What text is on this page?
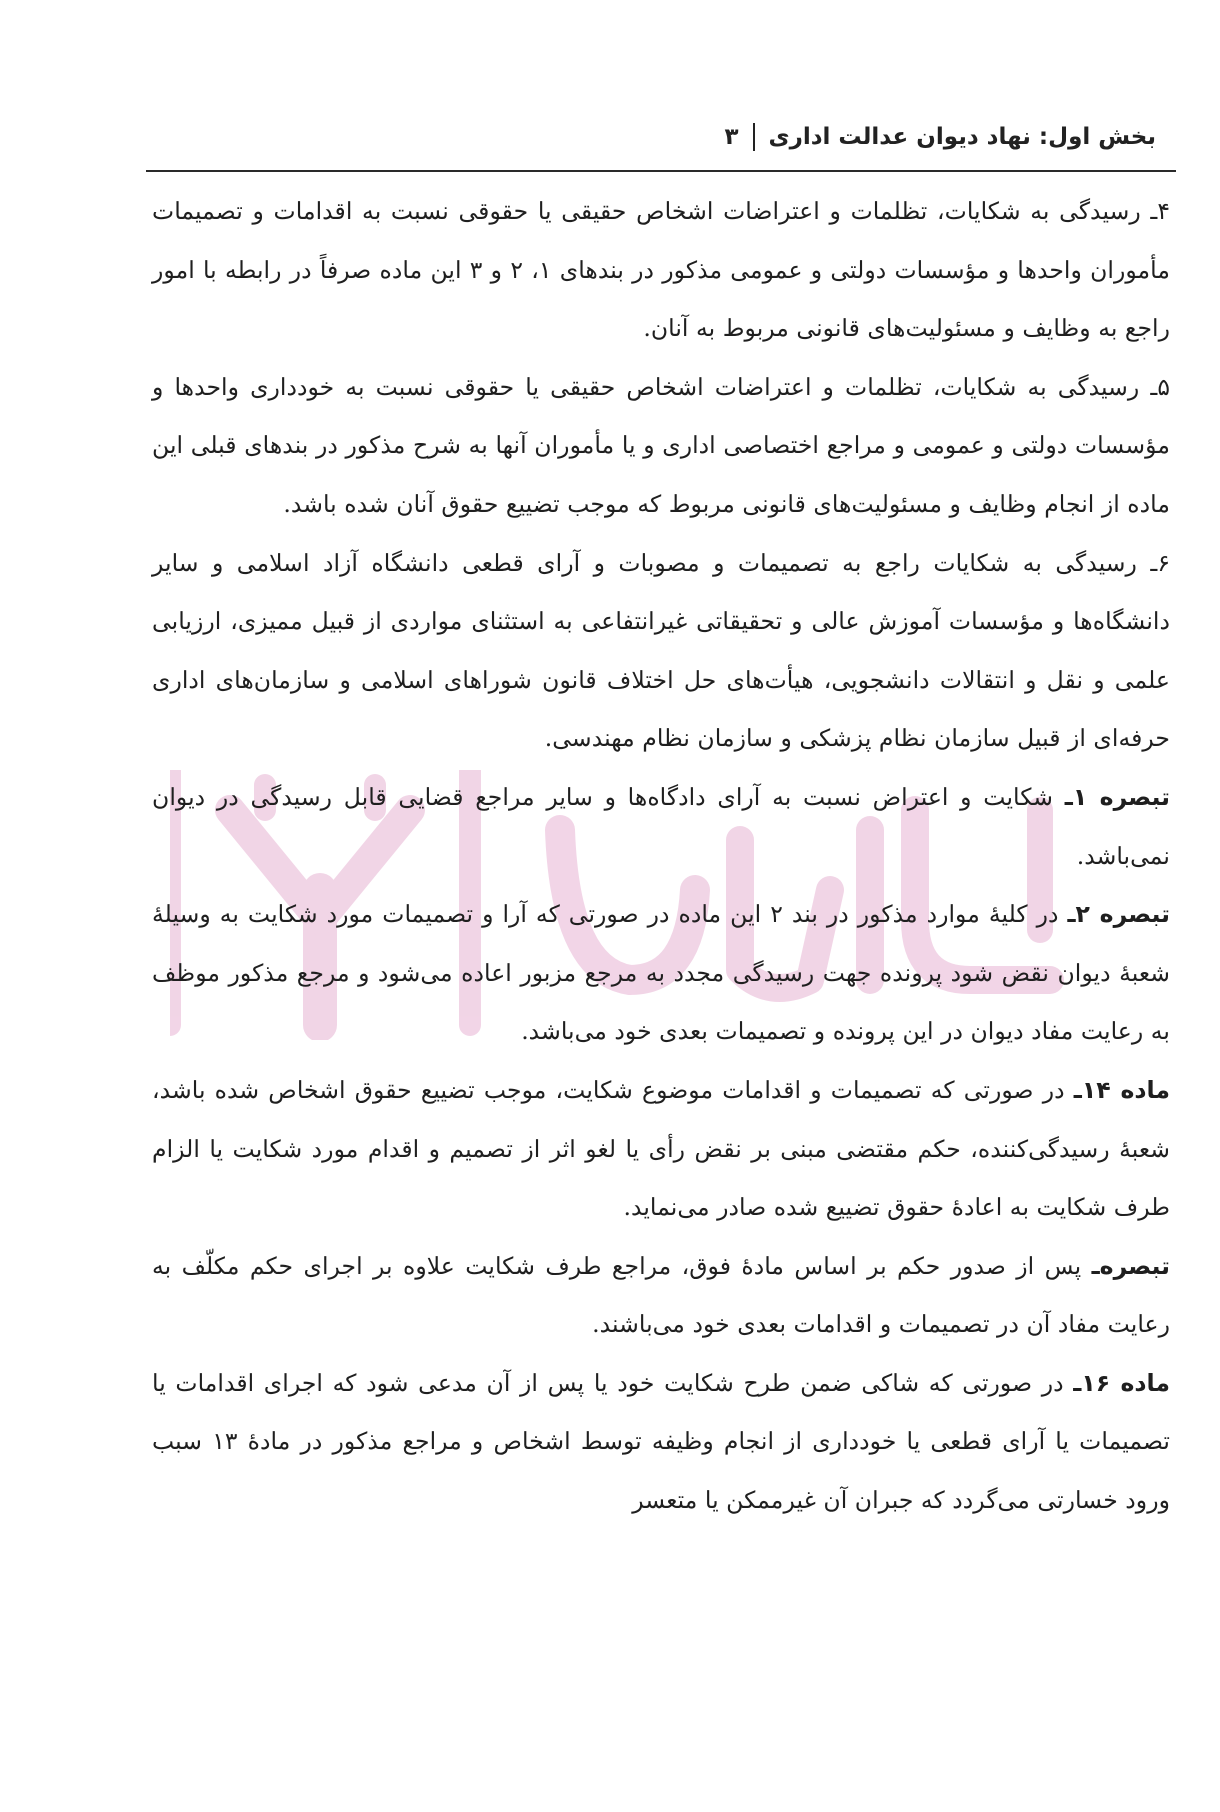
بخش اول: نهاد دیوان عدالت اداری
۳

۴ـ رسیدگی به شکایات، تظلمات و اعتراضات اشخاص حقیقی یا حقوقی نسبت به اقدامات و تصمیمات مأموران واحدها و مؤسسات دولتی و عمومی مذکور در بندهای ۱، ۲ و ۳ این ماده صرفاً در رابطه با امور راجع به وظایف و مسئولیت‌های قانونی مربوط به آنان.

۵ـ رسیدگی به شکایات، تظلمات و اعتراضات اشخاص حقیقی یا حقوقی نسبت به خودداری واحدها و مؤسسات دولتی و عمومی و مراجع اختصاصی اداری و یا مأموران آنها به شرح مذکور در بندهای قبلی این ماده از انجام وظایف و مسئولیت‌های قانونی مربوط که موجب تضییع حقوق آنان شده باشد.

۶ـ رسیدگی به شکایات راجع به تصمیمات و مصوبات و آرای قطعی دانشگاه آزاد اسلامی و سایر دانشگاه‌ها و مؤسسات آموزش عالی و تحقیقاتی غیرانتفاعی به استثنای مواردی از قبیل ممیزی، ارزیابی علمی و نقل و انتقالات دانشجویی، هیأت‌های حل اختلاف قانون شوراهای اسلامی و سازمان‌های اداری حرفه‌ای از قبیل سازمان نظام پزشکی و سازمان نظام مهندسی.

تبصره ۱ـ شکایت و اعتراض نسبت به آرای دادگاه‌ها و سایر مراجع قضایی قابل رسیدگی در دیوان نمی‌باشد.

تبصره ۲ـ در کلیهٔ موارد مذکور در بند ۲ این ماده در صورتی که آرا و تصمیمات مورد شکایت به وسیلهٔ شعبهٔ دیوان نقض شود پرونده جهت رسیدگی مجدد به مرجع مزبور اعاده می‌شود و مرجع مذکور موظف به رعایت مفاد دیوان در این پرونده و تصمیمات بعدی خود می‌باشد.

ماده ۱۴ـ در صورتی که تصمیمات و اقدامات موضوع شکایت، موجب تضییع حقوق اشخاص شده باشد، شعبهٔ رسیدگی‌کننده، حکم مقتضی مبنی بر نقض رأی یا لغو اثر از تصمیم و اقدام مورد شکایت یا الزام طرف شکایت به اعادهٔ حقوق تضییع شده صادر می‌نماید.

تبصره‌ـ پس از صدور حکم بر اساس مادهٔ فوق، مراجع طرف شکایت علاوه بر اجرای حکم مکلّف به رعایت مفاد آن در تصمیمات و اقدامات بعدی خود می‌باشند.

ماده ۱۶ـ در صورتی که شاکی ضمن طرح شکایت خود یا پس از آن مدعی شود که اجرای اقدامات یا تصمیمات یا آرای قطعی یا خودداری از انجام وظیفه توسط اشخاص و مراجع مذکور در مادهٔ ۱۳ سبب ورود خسارتی می‌گردد که جبران آن غیرممکن یا متعسر
